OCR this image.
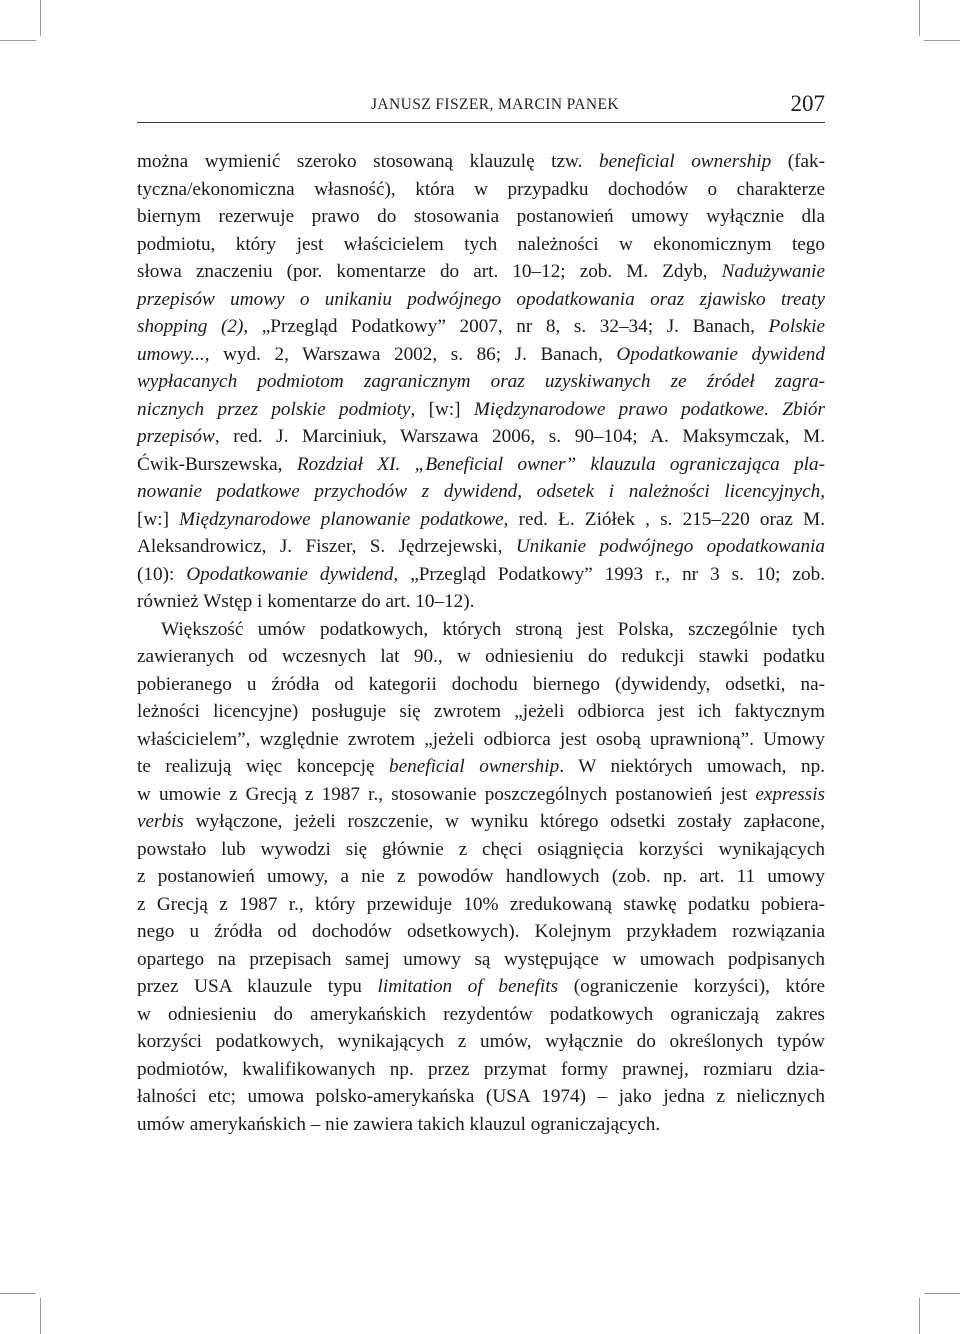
JANUSZ FISZER, MARCIN PANEK	207
można wymienić szeroko stosowaną klauzulę tzw. beneficial ownership (fak-
tyczna/ekonomiczna własność), która w przypadku dochodów o charakterze
biernym rezerwuje prawo do stosowania postanowień umowy wyłącznie dla
podmiotu, który jest właścicielem tych należności w ekonomicznym tego
słowa znaczeniu (por. komentarze do art. 10–12; zob. M. Zdyb, Nadużywanie
przepisów umowy o unikaniu podwójnego opodatkowania oraz zjawisko treaty
shopping (2), „Przegląd Podatkowy” 2007, nr 8, s. 32–34; J. Banach, Polskie
umowy..., wyd. 2, Warszawa 2002, s. 86; J. Banach, Opodatkowanie dywidend
wypłacanych podmiotom zagranicznym oraz uzyskiwanych ze źródeł zagra-
nicznych przez polskie podmioty, [w:] Międzynarodowe prawo podatkowe. Zbiór
przepisów, red. J. Marciniuk, Warszawa 2006, s. 90–104; A. Maksymczak, M.
Ćwik-Burszewska, Rozdział XI. „Beneficial owner” klauzula ograniczająca pla-
nowanie podatkowe przychodów z dywidend, odsetek i należności licencyjnych,
[w:] Międzynarodowe planowanie podatkowe, red. Ł. Ziółek , s. 215–220 oraz M.
Aleksandrowicz, J. Fiszer, S. Jędrzejewski, Unikanie podwójnego opodatkowania
(10): Opodatkowanie dywidend, „Przegląd Podatkowy” 1993 r., nr 3 s. 10; zob.
również Wstęp i komentarze do art. 10–12).
Większość umów podatkowych, których stroną jest Polska, szczególnie tych
zawieranych od wczesnych lat 90., w odniesieniu do redukcji stawki podatku
pobieranego u źródła od kategorii dochodu biernego (dywidendy, odsetki, na-
leżności licencyjne) posługuje się zwrotem „jeżeli odbiorca jest ich faktycznym
właścicielem”, względnie zwrotem „jeżeli odbiorca jest osobą uprawnioną”. Umowy
te realizują więc koncepcję beneficial ownership. W niektórych umowach, np.
w umowie z Grecją z 1987 r., stosowanie poszczególnych postanowień jest expressis
verbis wyłączone, jeżeli roszczenie, w wyniku którego odsetki zostały zapłacone,
powstało lub wywodzi się głównie z chęci osiągnięcia korzyści wynikających
z postanowień umowy, a nie z powodów handlowych (zob. np. art. 11 umowy
z Grecją z 1987 r., który przewiduje 10% zredukowaną stawkę podatku pobiera-
nego u źródła od dochodów odsetkowych). Kolejnym przykładem rozwiązania
opartego na przepisach samej umowy są występujące w umowach podpisanych
przez USA klauzule typu limitation of benefits (ograniczenie korzyści), które
w odniesieniu do amerykańskich rezydentów podatkowych ograniczają zakres
korzyści podatkowych, wynikających z umów, wyłącznie do określonych typów
podmiotów, kwalifikowanych np. przez przymat formy prawnej, rozmiaru dzia-
łalności etc; umowa polsko-amerykańska (USA 1974) – jako jedna z nielicznych
umów amerykańskich – nie zawiera takich klauzul ograniczających.
